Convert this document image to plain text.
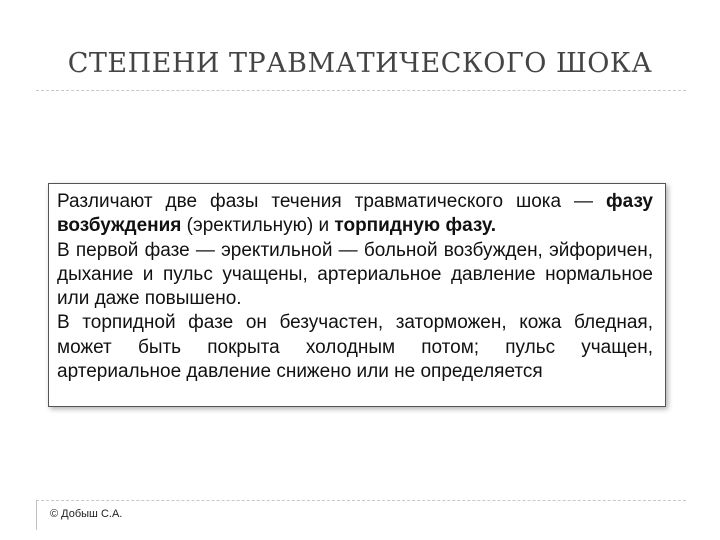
СТЕПЕНИ ТРАВМАТИЧЕСКОГО ШОКА

Различают две фазы течения травматического шока — фазу возбуждения (эректильную) и торпидную фазу.

В первой фазе — эректильной — больной возбужден, эйфоричен, дыхание и пульс учащены, артериальное давление нормальное или даже повышено.

В торпидной фазе он безучастен, заторможен, кожа бледная, может быть покрыта холодным потом; пульс учащен, артериальное давление снижено или не определяется

© Добыш С.А.
